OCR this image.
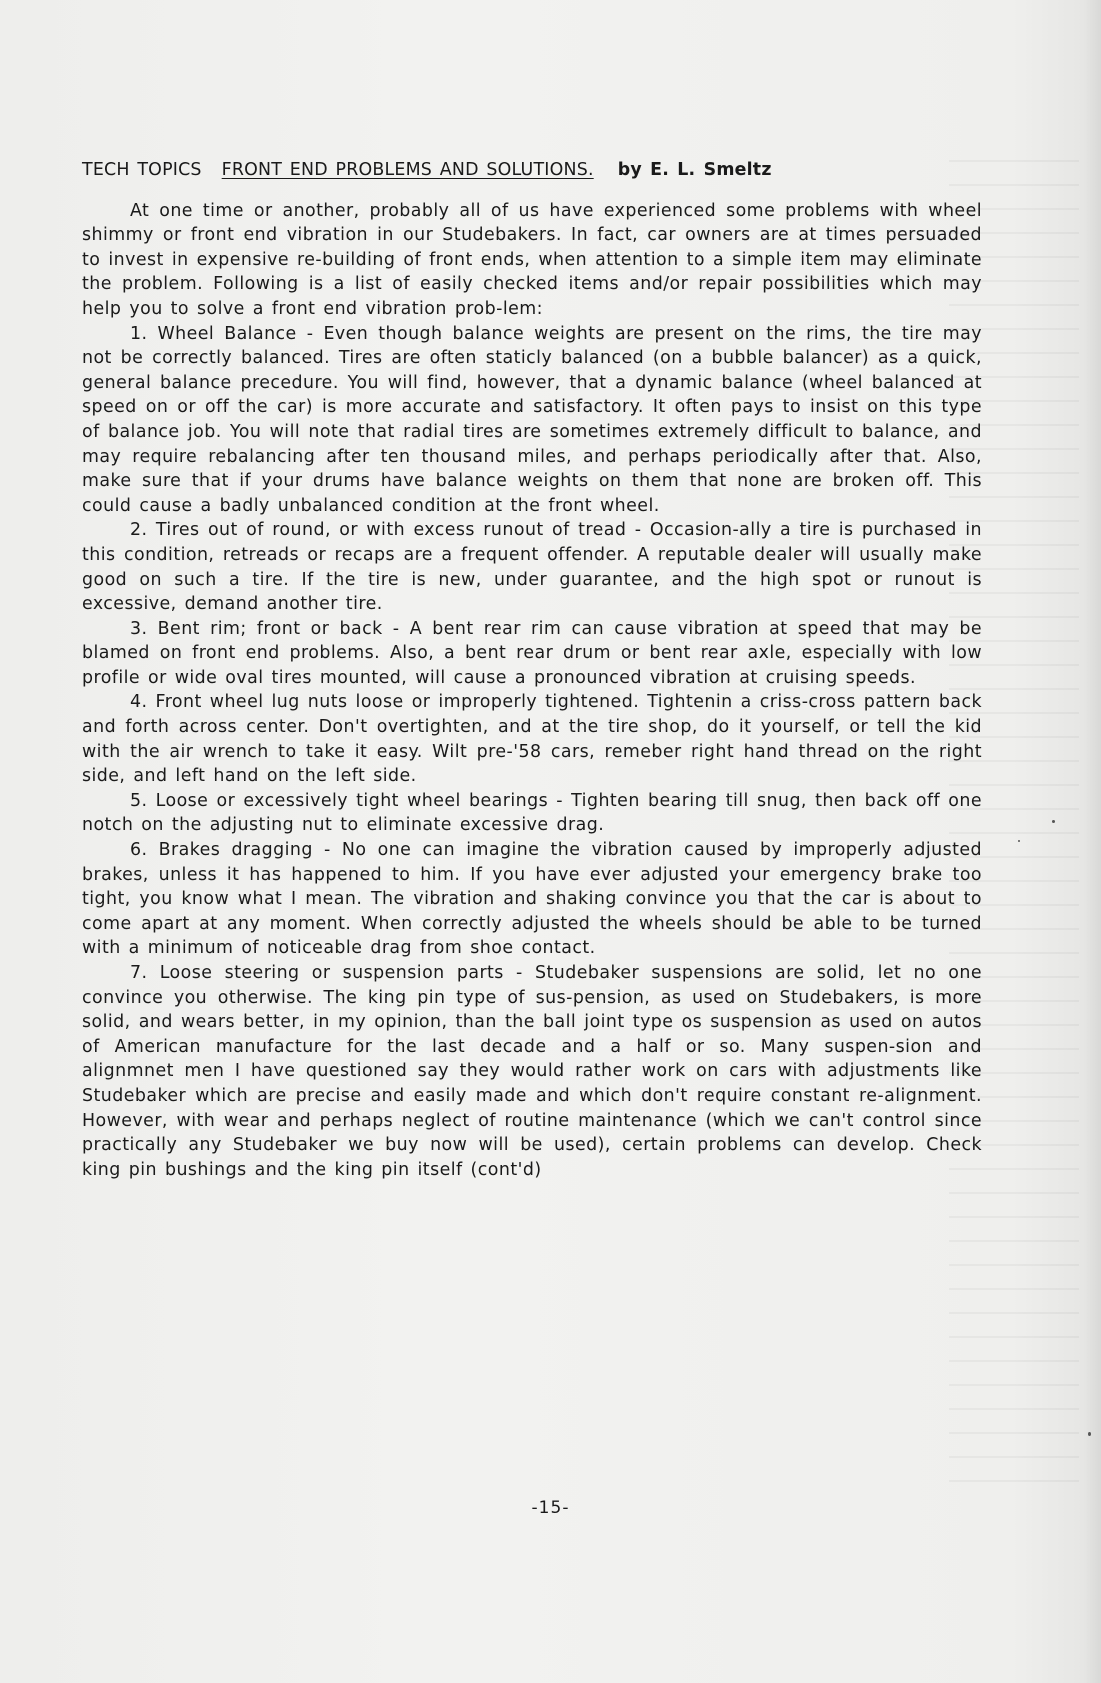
TECH TOPICS FRONT END PROBLEMS AND SOLUTIONS. by E. L. Smeltz

At one time or another, probably all of us have experienced some problems with wheel shimmy or front end vibration in our Studebakers. In fact, car owners are at times persuaded to invest in expensive re-building of front ends, when attention to a simple item may eliminate the problem. Following is a list of easily checked items and/or repair possibilities which may help you to solve a front end vibration prob-lem:

1. Wheel Balance - Even though balance weights are present on the rims, the tire may not be correctly balanced. Tires are often staticly balanced (on a bubble balancer) as a quick, general balance precedure. You will find, however, that a dynamic balance (wheel balanced at speed on or off the car) is more accurate and satisfactory. It often pays to insist on this type of balance job. You will note that radial tires are sometimes extremely difficult to balance, and may require rebalancing after ten thousand miles, and perhaps periodically after that. Also, make sure that if your drums have balance weights on them that none are broken off. This could cause a badly unbalanced condition at the front wheel.

2. Tires out of round, or with excess runout of tread - Occasion-ally a tire is purchased in this condition, retreads or recaps are a frequent offender. A reputable dealer will usually make good on such a tire. If the tire is new, under guarantee, and the high spot or runout is excessive, demand another tire.

3. Bent rim; front or back - A bent rear rim can cause vibration at speed that may be blamed on front end problems. Also, a bent rear drum or bent rear axle, especially with low profile or wide oval tires mounted, will cause a pronounced vibration at cruising speeds.

4. Front wheel lug nuts loose or improperly tightened. Tightenin a criss-cross pattern back and forth across center. Don't overtighten, and at the tire shop, do it yourself, or tell the kid with the air wrench to take it easy. Wilt pre-'58 cars, remeber right hand thread on the right side, and left hand on the left side.

5. Loose or excessively tight wheel bearings - Tighten bearing till snug, then back off one notch on the adjusting nut to eliminate excessive drag.

6. Brakes dragging - No one can imagine the vibration caused by improperly adjusted brakes, unless it has happened to him. If you have ever adjusted your emergency brake too tight, you know what I mean. The vibration and shaking convince you that the car is about to come apart at any moment. When correctly adjusted the wheels should be able to be turned with a minimum of noticeable drag from shoe contact.

7. Loose steering or suspension parts - Studebaker suspensions are solid, let no one convince you otherwise. The king pin type of sus-pension, as used on Studebakers, is more solid, and wears better, in my opinion, than the ball joint type os suspension as used on autos of American manufacture for the last decade and a half or so. Many suspen-sion and alignmnet men I have questioned say they would rather work on cars with adjustments like Studebaker which are precise and easily made and which don't require constant re-alignment. However, with wear and perhaps neglect of routine maintenance (which we can't control since practically any Studebaker we buy now will be used), certain problems can develop. Check king pin bushings and the king pin itself (cont'd)

-15-
